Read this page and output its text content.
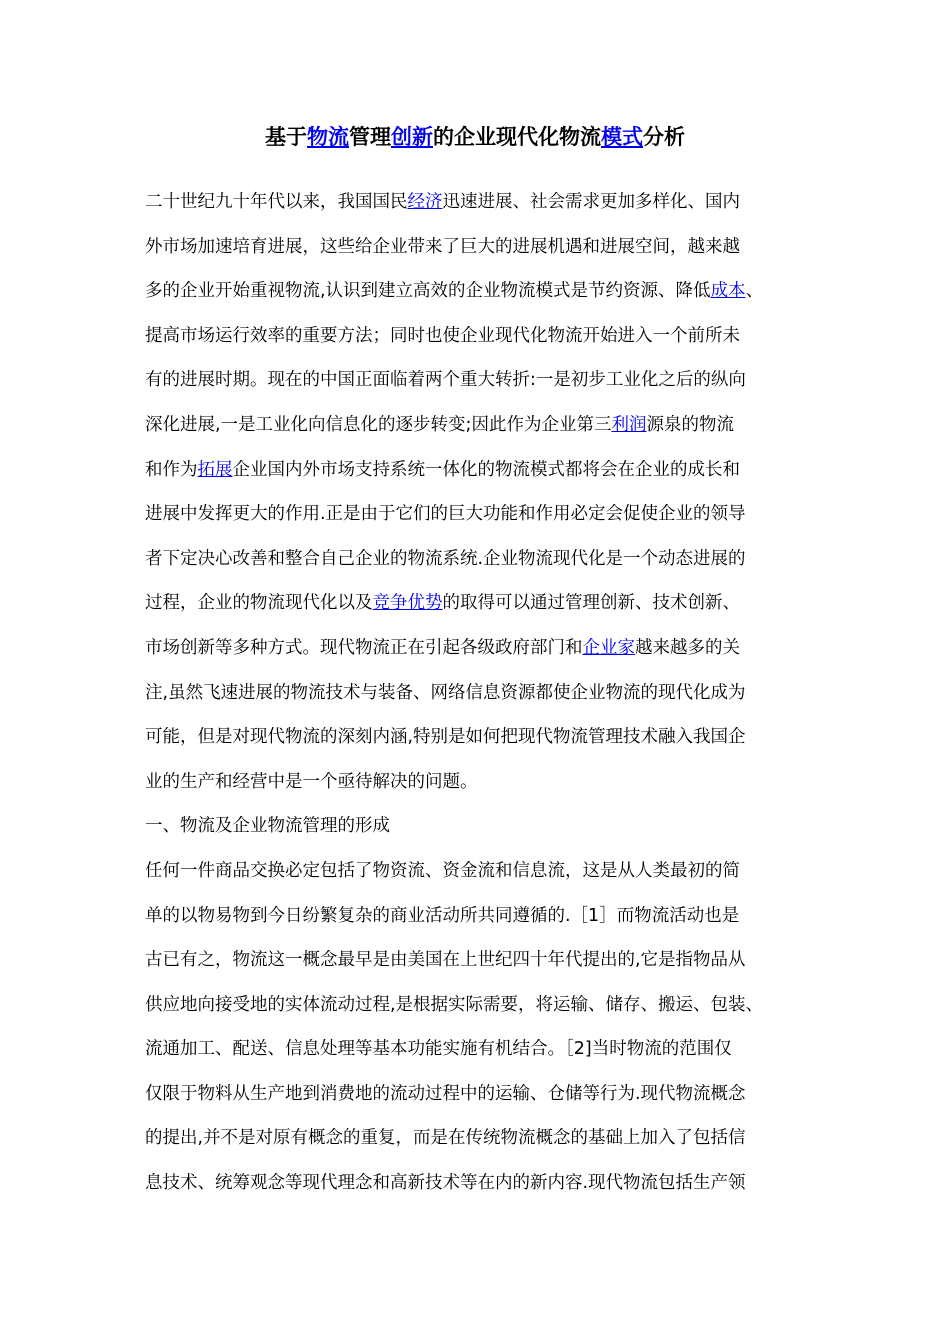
基于物流管理创新的企业现代化物流模式分析

二十世纪九十年代以来，我国国民经济迅速进展、社会需求更加多样化、国内

外市场加速培育进展，这些给企业带来了巨大的进展机遇和进展空间，越来越

多的企业开始重视物流,认识到建立高效的企业物流模式是节约资源、降低成本、

提高市场运行效率的重要方法；同时也使企业现代化物流开始进入一个前所未

有的进展时期。现在的中国正面临着两个重大转折:一是初步工业化之后的纵向

深化进展,一是工业化向信息化的逐步转变;因此作为企业第三利润源泉的物流

和作为拓展企业国内外市场支持系统一体化的物流模式都将会在企业的成长和

进展中发挥更大的作用.正是由于它们的巨大功能和作用必定会促使企业的领导

者下定决心改善和整合自己企业的物流系统.企业物流现代化是一个动态进展的

过程，企业的物流现代化以及竞争优势的取得可以通过管理创新、技术创新、

市场创新等多种方式。现代物流正在引起各级政府部门和企业家越来越多的关

注,虽然飞速进展的物流技术与装备、网络信息资源都使企业物流的现代化成为

可能，但是对现代物流的深刻内涵,特别是如何把现代物流管理技术融入我国企

业的生产和经营中是一个亟待解决的问题。

一、物流及企业物流管理的形成

任何一件商品交换必定包括了物资流、资金流和信息流，这是从人类最初的简

单的以物易物到今日纷繁复杂的商业活动所共同遵循的.［1］而物流活动也是

古已有之，物流这一概念最早是由美国在上世纪四十年代提出的,它是指物品从

供应地向接受地的实体流动过程,是根据实际需要，将运输、储存、搬运、包装、

流通加工、配送、信息处理等基本功能实施有机结合。［2]当时物流的范围仅

仅限于物料从生产地到消费地的流动过程中的运输、仓储等行为.现代物流概念

的提出,并不是对原有概念的重复，而是在传统物流概念的基础上加入了包括信

息技术、统筹观念等现代理念和高新技术等在内的新内容.现代物流包括生产领
